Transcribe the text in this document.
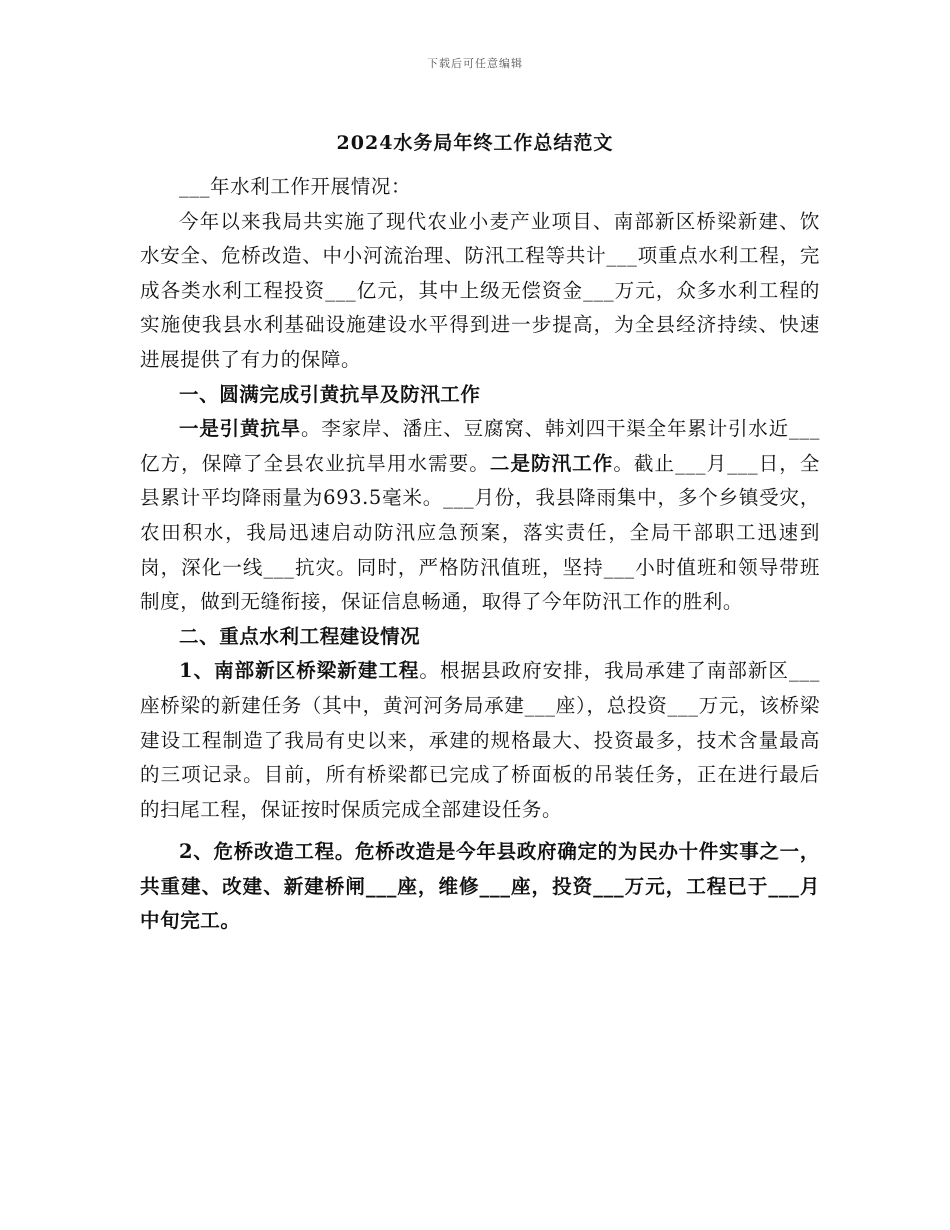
下载后可任意编辑
2024水务局年终工作总结范文

___年水利工作开展情况：

今年以来我局共实施了现代农业小麦产业项目、南部新区桥梁新建、饮水安全、危桥改造、中小河流治理、防汛工程等共计___项重点水利工程，完成各类水利工程投资___亿元，其中上级无偿资金___万元，众多水利工程的实施使我县水利基础设施建设水平得到进一步提高，为全县经济持续、快速进展提供了有力的保障。

一、圆满完成引黄抗旱及防汛工作

一是引黄抗旱。李家岸、潘庄、豆腐窝、韩刘四干渠全年累计引水近___亿方，保障了全县农业抗旱用水需要。二是防汛工作。截止___月___日，全县累计平均降雨量为693.5毫米。___月份，我县降雨集中，多个乡镇受灾，农田积水，我局迅速启动防汛应急预案，落实责任，全局干部职工迅速到岗，深化一线___抗灾。同时，严格防汛值班，坚持___小时值班和领导带班制度，做到无缝衔接，保证信息畅通，取得了今年防汛工作的胜利。

二、重点水利工程建设情况

1、南部新区桥梁新建工程。根据县政府安排，我局承建了南部新区___座桥梁的新建任务（其中，黄河河务局承建___座），总投资___万元，该桥梁建设工程制造了我局有史以来，承建的规格最大、投资最多，技术含量最高的三项记录。目前，所有桥梁都已完成了桥面板的吊装任务，正在进行最后的扫尾工程，保证按时保质完成全部建设任务。

2、危桥改造工程。危桥改造是今年县政府确定的为民办十件实事之一，共重建、改建、新建桥闸___座，维修___座，投资___万元，工程已于___月中旬完工。
